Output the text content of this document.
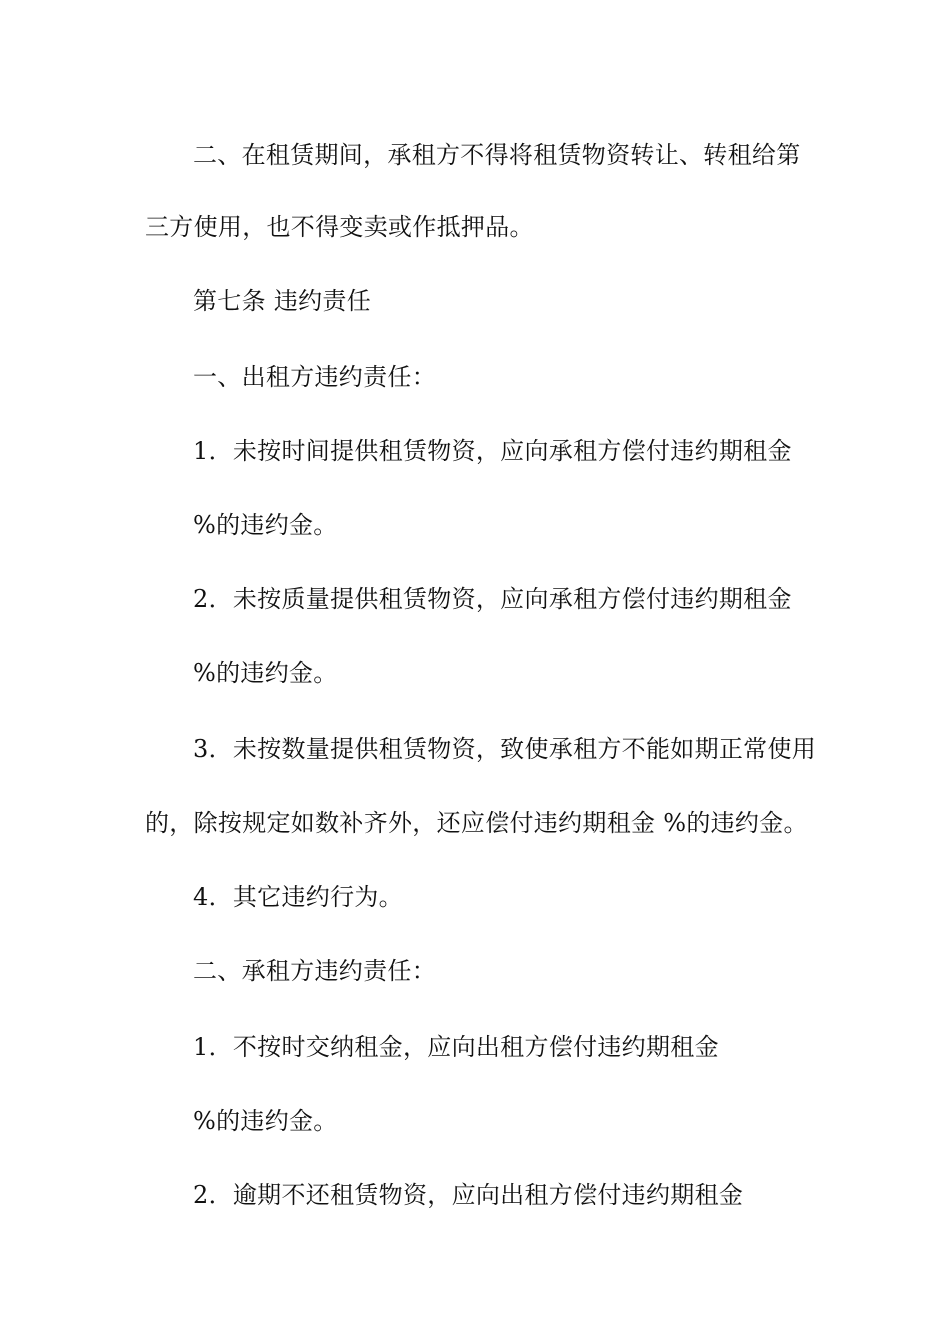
二、在租赁期间，承租方不得将租赁物资转让、转租给第
三方使用，也不得变卖或作抵押品。
第七条 违约责任
一、出租方违约责任：
1．未按时间提供租赁物资，应向承租方偿付违约期租金
%的违约金。
2．未按质量提供租赁物资，应向承租方偿付违约期租金
%的违约金。
3．未按数量提供租赁物资，致使承租方不能如期正常使用
的，除按规定如数补齐外，还应偿付违约期租金 %的违约金。
4．其它违约行为。
二、承租方违约责任：
1．不按时交纳租金，应向出租方偿付违约期租金
%的违约金。
2．逾期不还租赁物资，应向出租方偿付违约期租金
